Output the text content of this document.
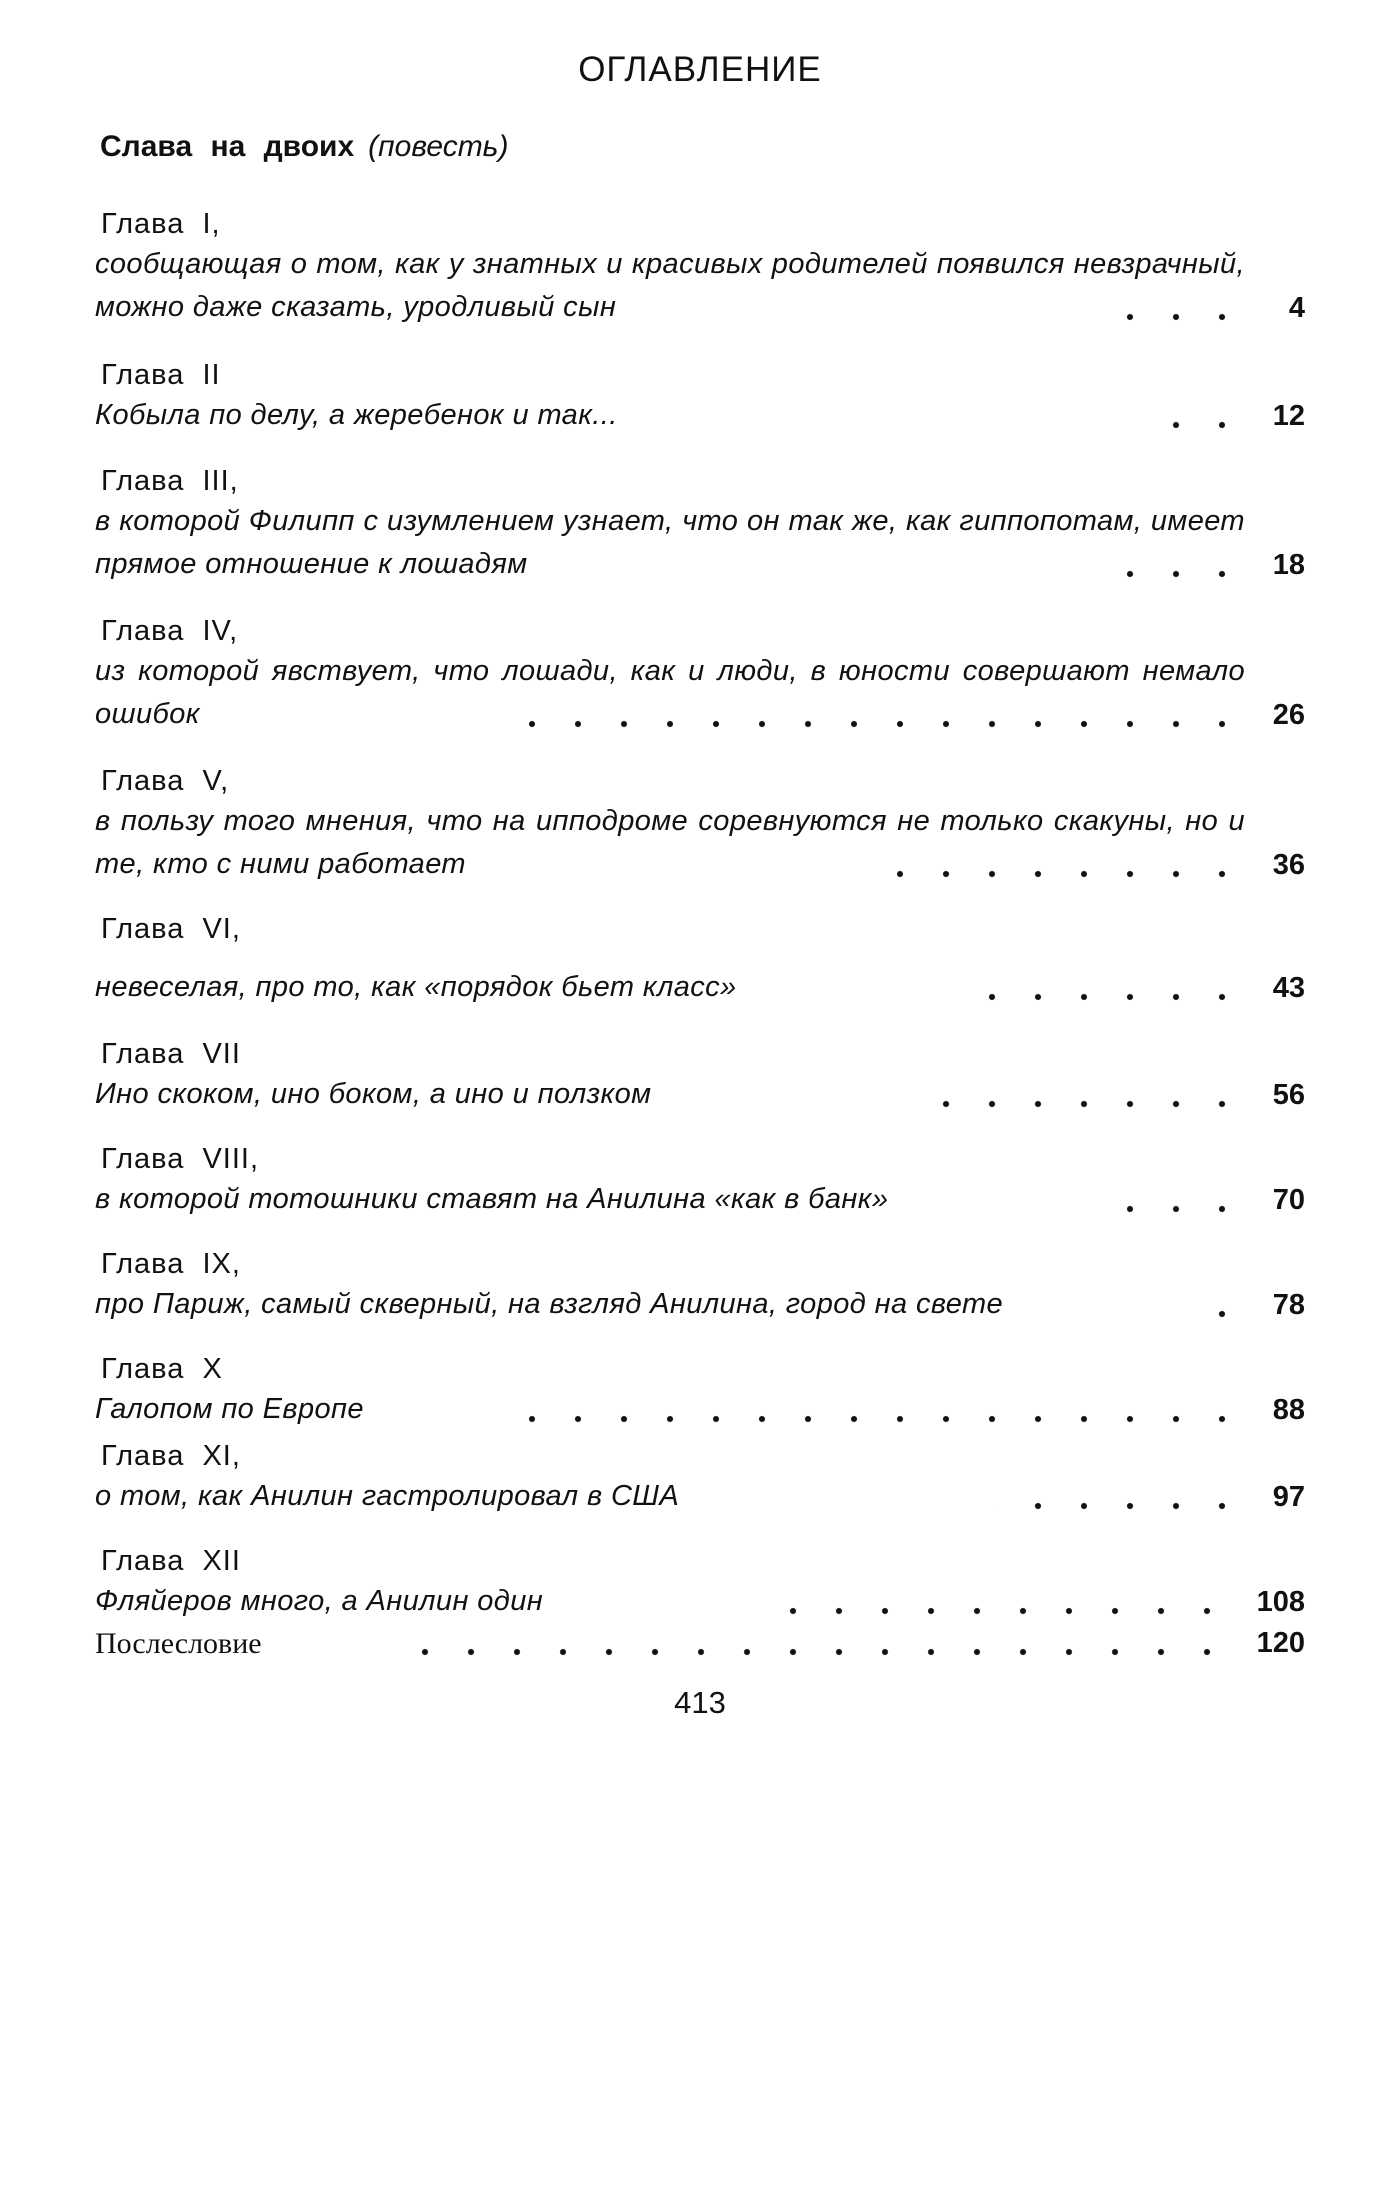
ОГЛАВЛЕНИЕ
Слава на двоих (повесть)
Глава  I,
сообщающая о том, как у знатных и красивых родителей появился невзрачный, можно даже сказать, уродливый сын	4
Глава  II
Кобыла по делу, а жеребенок и так...	12
Глава  III,
в которой Филипп с изумлением узнает, что он так же, как гиппопотам, имеет прямое отношение к лошадям	18
Глава  IV,
из которой явствует, что лошади, как и люди, в юности совершают немало ошибок	26
Глава  V,
в пользу того мнения, что на ипподроме соревнуются не только скакуны, но и те, кто с ними работает	36
Глава  VI,
невеселая, про то, как «порядок бьет класс»	43
Глава  VII
Ино скоком, ино боком, а ино и ползком	56
Глава  VIII,
в которой тотошники ставят на Анилина «как в банк»	70
Глава  IX,
про Париж, самый скверный, на взгляд Анилина, город на свете	78
Глава  X
Галопом по Европе	88
Глава  XI,
о том, как Анилин гастролировал в США	97
Глава  XII
Фляйеров много, а Анилин один	108
Послесловие	120
413
